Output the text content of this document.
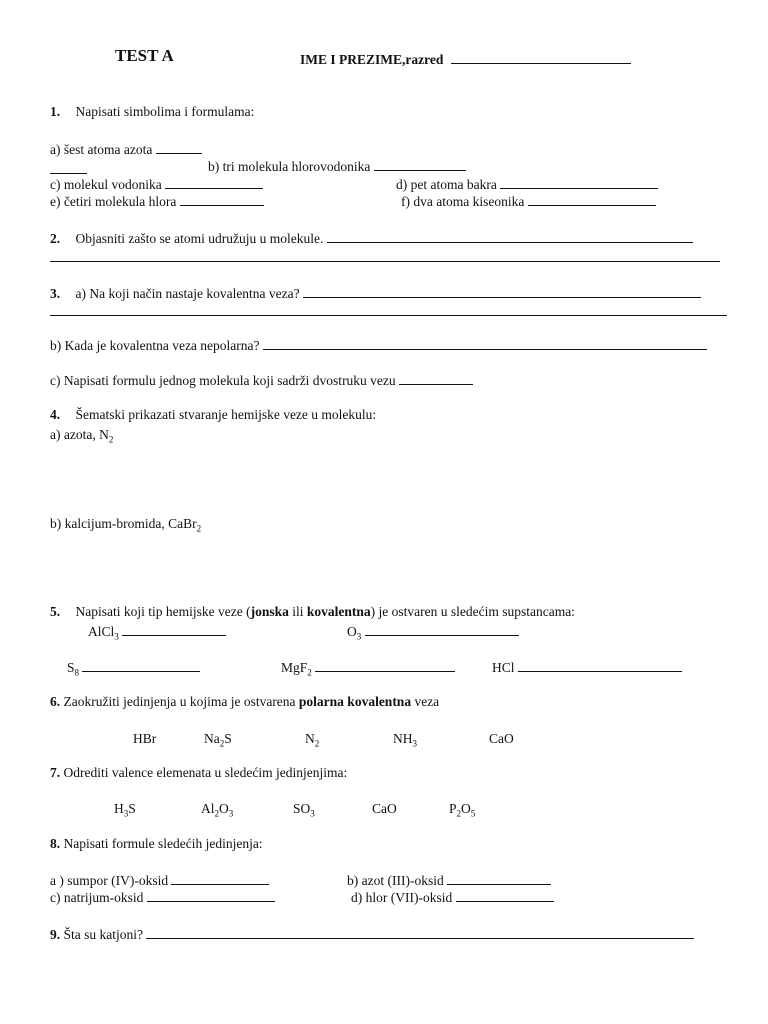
TEST A	IME I PREZIME,razred
1. Napisati simbolima i formulama:
a) šest atoma azota
b) tri molekula hlorovodonika
c) molekul vodonika	d) pet atoma bakra
e) četiri molekula hlora	f) dva atoma kiseonika
2. Objasniti zašto se atomi udružuju u molekule.
3. a) Na koji način nastaje kovalentna veza?
b) Kada je kovalentna veza nepolarna?
c) Napisati formulu jednog molekula koji sadrži dvostruku vezu
4. Šematski prikazati stvaranje hemijske veze u molekulu:
a) azota, $N_2$
b) kalcijum-bromida, CaBr$_2$
5. Napisati koji tip hemijske veze (jonska ili kovalentna) je ostvaren u sledećim supstancama:
AlCl$_3$	$O_3$
$S_8$	MgF$_2$	HCl
6. Zaokružiti jedinjenja u kojima je ostvarena polarna kovalentna veza
HBr	$Na_2S$	$N_2$	$NH_3$	CaO
7. Odrediti valence elemenata u sledećim jedinjenjima:
$H_3S$	$Al_2O_3$	$SO_3$	CaO	$P_2O_5$
8. Napisati formule sledećih jedinjenja:
a ) sumpor (IV)-oksid	b) azot (III)-oksid
c) natrijum-oksid	d) hlor (VII)-oksid
9. Šta su katjoni?
